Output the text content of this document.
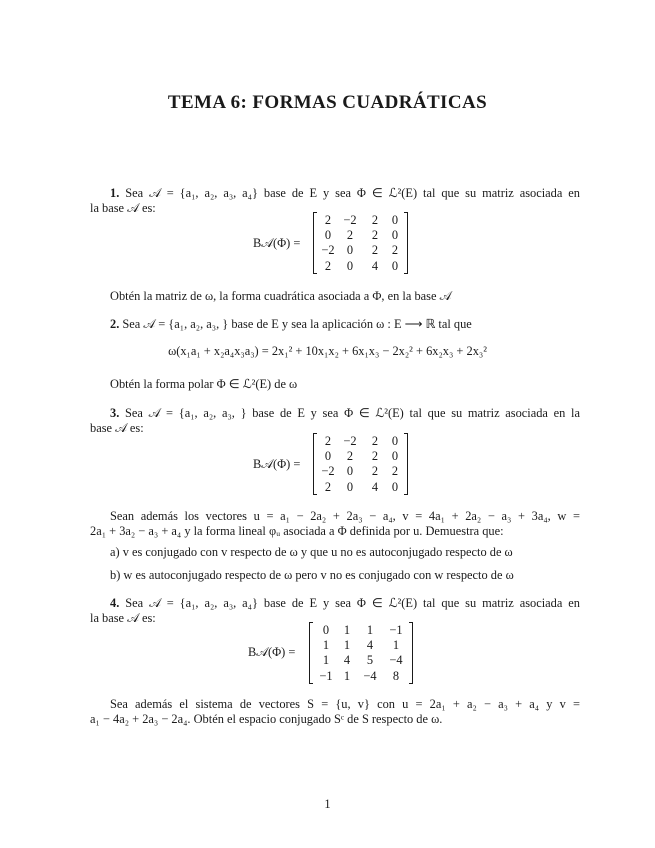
TEMA 6: FORMAS CUADRÁTICAS
1. Sea 𝒜 = {a₁, a₂, a₃, a₄} base de E y sea Φ ∈ ℒ²(E) tal que su matriz asociada en
la base 𝒜 es:
B𝒜(Φ) =
2 −2	2	0
0	2	2	0
−2 0	2	2
2	0	4	0
Obtén la matriz de ω, la forma cuadrática asociada a Φ, en la base 𝒜
2. Sea 𝒜 = {a₁, a₂, a₃, } base de E y sea la aplicación ω : E ⟶ ℝ tal que
ω(x₁a₁ + x₂a₄x₃a₃) = 2x₁² + 10x₁x₂ + 6x₁x₃ − 2x₂² + 6x₂x₃ + 2x₃²
Obtén la forma polar Φ ∈ ℒ²(E) de ω
3. Sea 𝒜 = {a₁, a₂, a₃, } base de E y sea Φ ∈ ℒ²(E) tal que su matriz asociada en la
base 𝒜 es:
B𝒜(Φ) =
2 −2	2	0
0	2	2	0
−2 0	2	2
2	0	4	0
Sean además los vectores u = a₁ − 2a₂ + 2a₃ − a₄, v = 4a₁ + 2a₂ − a₃ + 3a₄, w =
2a₁ + 3a₂ − a₃ + a₄ y la forma lineal φᵤ asociada a Φ definida por u. Demuestra que:
a) v es conjugado con v respecto de ω y que u no es autoconjugado respecto de ω
b) w es autoconjugado respecto de ω pero v no es conjugado con w respecto de ω
4. Sea 𝒜 = {a₁, a₂, a₃, a₄} base de E y sea Φ ∈ ℒ²(E) tal que su matriz asociada en
la base 𝒜 es:
B𝒜(Φ) =
0	1	1	−1
1	1	4	1
1	4	5	−4
−1 1	−4	8
Sea además el sistema de vectores S = {u, v} con u = 2a₁ + a₂ − a₃ + a₄ y v =
a₁ − 4a₂ + 2a₃ − 2a₄. Obtén el espacio conjugado Sᶜ de S respecto de ω.
1
